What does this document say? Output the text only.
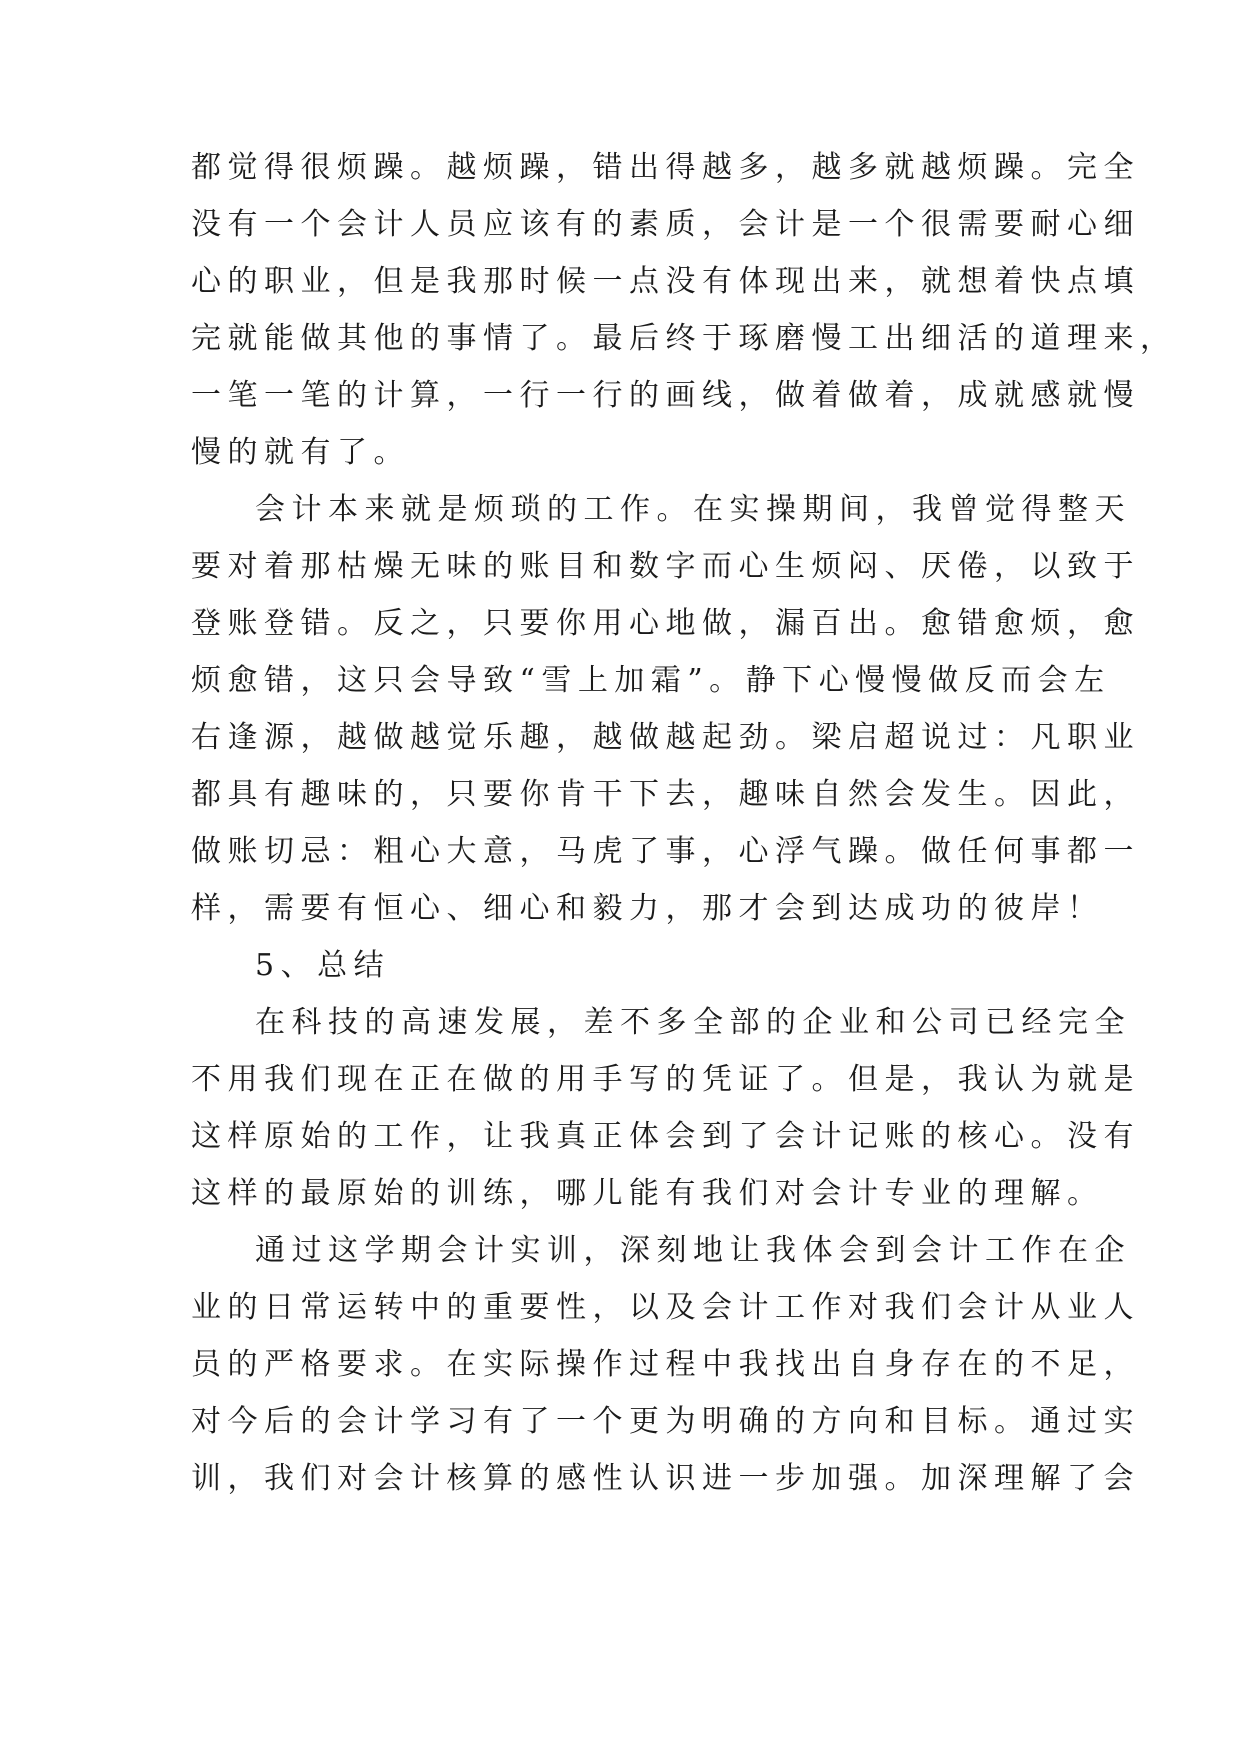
都觉得很烦躁。越烦躁，错出得越多，越多就越烦躁。完全
没有一个会计人员应该有的素质，会计是一个很需要耐心细
心的职业，但是我那时候一点没有体现出来，就想着快点填
完就能做其他的事情了。最后终于琢磨慢工出细活的道理来，
一笔一笔的计算，一行一行的画线，做着做着，成就感就慢
慢的就有了。
会计本来就是烦琐的工作。在实操期间，我曾觉得整天
要对着那枯燥无味的账目和数字而心生烦闷、厌倦，以致于
登账登错。反之，只要你用心地做，漏百出。愈错愈烦，愈
烦愈错，这只会导致“雪上加霜”。静下心慢慢做反而会左
右逢源，越做越觉乐趣，越做越起劲。梁启超说过：凡职业
都具有趣味的，只要你肯干下去，趣味自然会发生。因此，
做账切忌：粗心大意，马虎了事，心浮气躁。做任何事都一
样，需要有恒心、细心和毅力，那才会到达成功的彼岸！
5、总结
在科技的高速发展，差不多全部的企业和公司已经完全
不用我们现在正在做的用手写的凭证了。但是，我认为就是
这样原始的工作，让我真正体会到了会计记账的核心。没有
这样的最原始的训练，哪儿能有我们对会计专业的理解。
通过这学期会计实训，深刻地让我体会到会计工作在企
业的日常运转中的重要性，以及会计工作对我们会计从业人
员的严格要求。在实际操作过程中我找出自身存在的不足，
对今后的会计学习有了一个更为明确的方向和目标。通过实
训，我们对会计核算的感性认识进一步加强。加深理解了会
